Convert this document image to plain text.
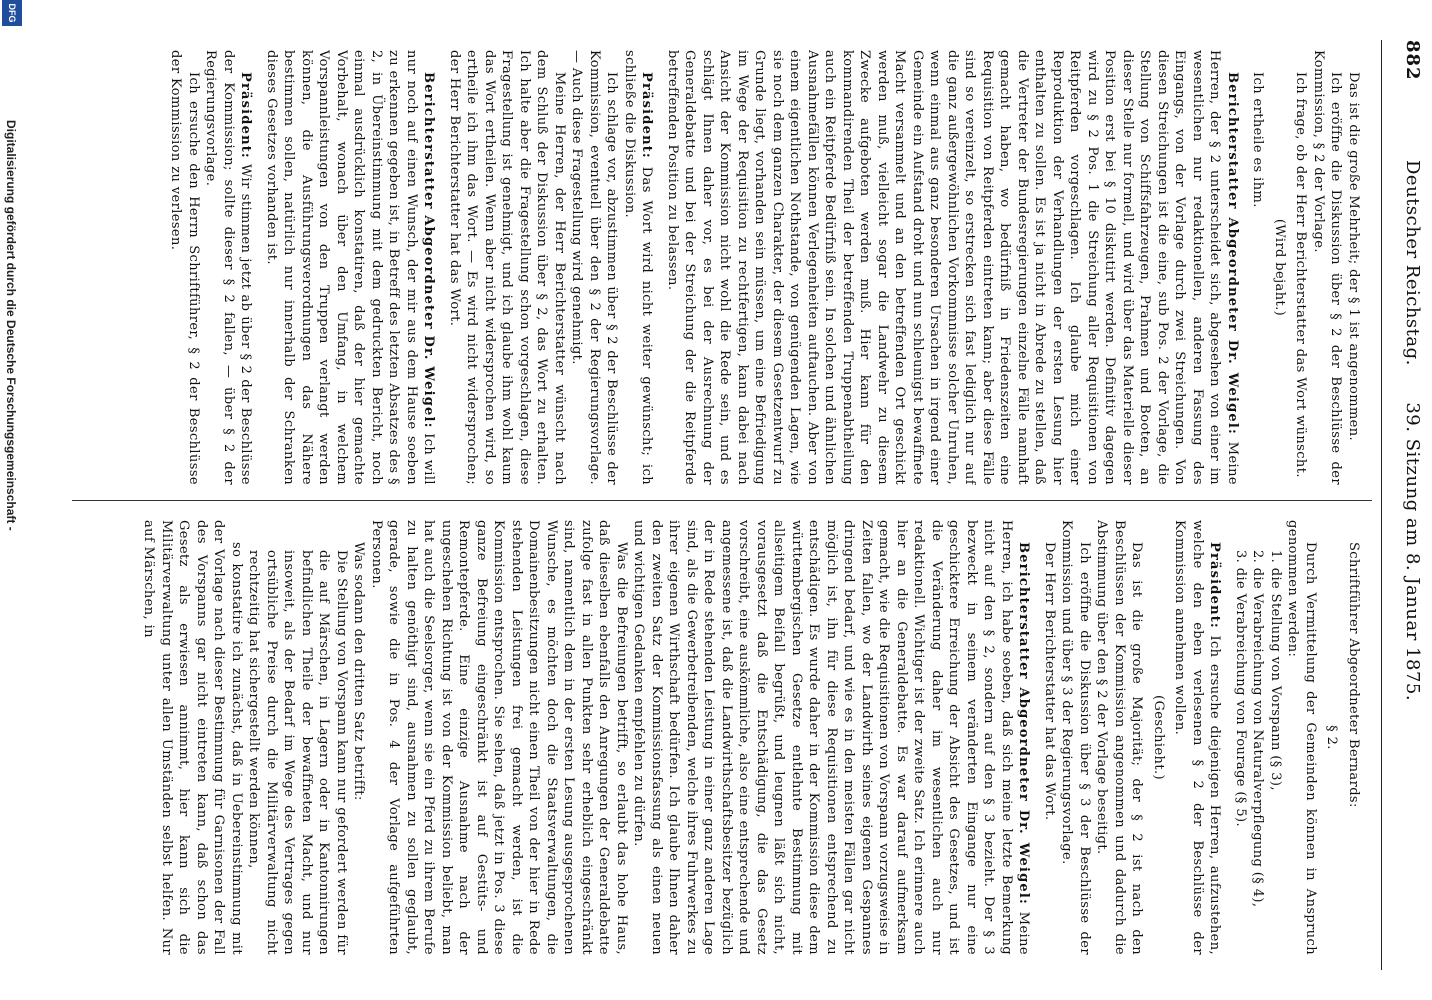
882
Deutscher Reichstag.  39. Sitzung am 8. Januar 1875.

Das ist die große Mehrheit; der § 1 ist angenommen.

Ich eröffne die Diskussion über § 2 der Beschlüsse der Kommission, § 2 der Vorlage.

Ich frage, ob der Herr Berichterstatter das Wort wünscht.

(Wird bejaht.)

Ich ertheile es ihm.

Berichterstatter Abgeordneter Dr. Weigel: Meine Herren, der § 2 unterscheidet sich, abgesehen von einer im wesentlichen nur redaktionellen, anderen Fassung des Eingangs, von der Vorlage durch zwei Streichungen. Von diesen Streichungen ist die eine, sub Pos. 2 der Vorlage, die Stellung von Schiffsfahrzeugen, Prahmen und Booten, an dieser Stelle nur formell, und wird über das Materielle dieser Position erst bei § 10 diskutirt werden. Definitiv dagegen wird zu § 2 Pos. 1 die Streichung aller Requisitionen von Reitpferden vorgeschlagen. Ich glaube mich einer Reproduktion der Verhandlungen der ersten Lesung hier enthalten zu sollen. Es ist ja nicht in Abrede zu stellen, daß die Vertreter der Bundesregierungen einzelne Fälle namhaft gemacht haben, wo bedürfniß in Friedenszeiten eine Requisition von Reitpferden eintreten kann; aber diese Fälle sind so vereinzelt, so erstrecken sich fast lediglich nur auf die ganz außergewöhnlichen Vorkommnisse solcher Unruhen, wenn einmal aus ganz besonderen Ursachen in irgend einer Gemeinde ein Aufstand droht und nun schleunigst bewaffnete Macht versammelt und an den betreffenden Ort geschickt werden muß, vielleicht sogar die Landwehr zu diesem Zwecke aufgeboten werden muß. Hier kann für den kommandirenden Theil der betreffenden Truppenabtheilung auch ein Reitpferde Bedürfniß sein. In solchen und ähnlichen Ausnahmefällen können Verlegenheiten auftauchen. Aber von einem eigentlichen Nothstande, von genügenden Lagen, wie sie noch dem ganzen Charakter, der diesem Gesetzentwurf zu Grunde liegt, vorhanden sein müssen, um eine Befriedigung im Wege der Requisition zu rechtfertigen, kann dabei nach Ansicht der Kommission nicht wohl die Rede sein, und es schlägt Ihnen daher vor, es bei der Ausrechnung der Generaldebatte und bei der Streichung der die Reitpferde betreffenden Position zu belassen.

Präsident: Das Wort wird nicht weiter gewünscht; ich schließe die Diskussion.

Ich schlage vor, abzustimmen über § 2 der Beschlüsse der Kommission, eventuell über den § 2 der Regierungsvorlage. — Auch diese Fragestellung wird genehmigt.

Meine Herren, der Herr Berichterstatter wünscht nach dem Schluß der Diskussion über § 2, das Wort zu erhalten. Ich halte aber die Fragestellung schon vorgeschlagen, diese Fragestellung ist genehmigt, und ich glaube ihm wohl kaum das Wort ertheilen. Wenn aber nicht widersprochen wird, so ertheile ich ihm das Wort. — Es wird nicht widersprochen; der Herr Berichterstatter hat das Wort.

Berichterstatter Abgeordneter Dr. Weigel: Ich will nur noch auf einen Wunsch, der mir aus dem Hause soeben zu erkennen gegeben ist, in Betreff des letzten Absatzes des § 2, in Übereinstimmung mit dem gedruckten Bericht, noch einmal ausdrücklich konstatiren, daß der hier gemachte Vorbehalt, wonach über den Umfang, in welchem Vorspannleistungen von den Truppen verlangt werden können, die Ausführungsverordnungen das Nähere bestimmen sollen, natürlich nur innerhalb der Schranken dieses Gesetzes vorhanden ist.

Präsident: Wir stimmen jetzt ab über § 2 der Beschlüsse der Kommission; sollte dieser § 2 fallen, — über § 2 der Regierungsvorlage.

Ich ersuche den Herrn Schriftführer, § 2 der Beschlüsse der Kommission zu verlesen.

Schriftführer Abgeordneter Bernards:

§ 2.

Durch Vermittelung der Gemeinden können in Anspruch genommen werden:

1. die Stellung von Vorspann (§ 3),

2. die Verabreichung von Naturalverpflegung (§ 4),

3. die Verabreichung von Fourage (§ 5).

Präsident: Ich ersuche diejenigen Herren, aufzustehen, welche den eben verlesenen § 2 der Beschlüsse der Kommission annehmen wollen.

(Geschieht.)

Das ist die große Majorität; der § 2 ist nach den Beschlüssen der Kommission angenommen und dadurch die Abstimmung über den § 2 der Vorlage beseitigt.

Ich eröffne die Diskussion über § 3 der Beschlüsse der Kommission und über § 3 der Regierungsvorlage.

Der Herr Berichterstatter hat das Wort.

Berichterstatter Abgeordneter Dr. Weigel: Meine Herren, ich habe soeben, daß sich meine letzte Bemerkung nicht auf den § 2, sondern auf den § 3 bezieht. Der § 3 bezweckt in seinem veränderten Eingange nur eine geschicktere Erreichung der Absicht des Gesetzes, und ist die Veränderung daher im wesentlichen auch nur redaktionell. Wichtiger ist der zweite Satz. Ich erinnere auch hier an die Generaldebatte. Es war darauf aufmerksam gemacht, wie die Requisitionen von Vorspann vorzugsweise in Zeiten fallen, wo der Landwirth seines eigenen Gespannes dringend bedarf, und wie es in den meisten Fällen gar nicht möglich ist, ihn für diese Requisitionen entsprechend zu entschädigen. Es wurde daher in der Kommission diese dem württembergischen Gesetze entlehnte Bestimmung mit allseitigem Beifall begrüßt, und leugnen läßt sich nicht, vorausgesetzt daß die Entschädigung, die das Gesetz vorschreibt, eine auskömmliche, also eine entsprechende und angemessene ist, daß die Landwirthschaftsbesitzer bezüglich der in Rede stehenden Leistung in einer ganz anderen Lage sind, als die Gewerbetreibenden, welche ihres Fuhrwerkes zu ihrer eigenen Wirthschaft bedürfen. Ich glaube Ihnen daher den zweiten Satz der Kommissionsfassung als einen neuen und wichtigen Gedanken empfehlen zu dürfen.

Was die Befreiungen betrifft, so erlaubt das hohe Haus, daß dieselben ebenfalls den Anregungen der Generaldebatte zufolge fast in allen Punkten sehr erheblich eingeschränkt sind, namentlich dem in der ersten Lesung ausgesprochenen Wunsche, es möchten doch die Staatsverwaltungen, die Domainenbesitzungen nicht einen Theil von der hier in Rede stehenden Leistungen frei gemacht werden, ist die Kommission entsprochen. Sie sehen, daß jetzt in Pos. 3 diese ganze Befreiung eingeschränkt ist auf Gestüts- und Remontepferde. Eine einzige Ausnahme nach der ungeschehen Richtung ist von der Kommission beliebt, man hat auch die Seelsorger, wenn sie ein Pferd zu ihrem Berufe zu halten genöthigt sind, ausnahmen zu sollen geglaubt, gerade, sowie die in Pos. 4 der Vorlage aufgeführten Personen.

Was sodann den dritten Satz betrifft:

Die Stellung von Vorspann kann nur gefordert werden für die auf Märschen, in Lagern oder in Kantonnirungen befindlichen Theile der bewaffneten Macht, und nur insoweit, als der Bedarf im Wege des Vertrages gegen ortsübliche Preise durch die Militärverwaltung nicht rechtzeitig hat sichergestellt werden können,

so konstatire ich zunächst, daß in Uebereinstimmung mit der Vorlage nach dieser Bestimmung für Garnisonen der Fall des Vorspanns gar nicht eintreten kann, daß schon das Gesetz als erwiesen annimmt, hier kann sich die Militärverwaltung unter allen Umständen selbst helfen. Nur auf Märschen, in

DFG
Digitalisierung gefördert durch die Deutsche Forschungsgemeinschaft -
